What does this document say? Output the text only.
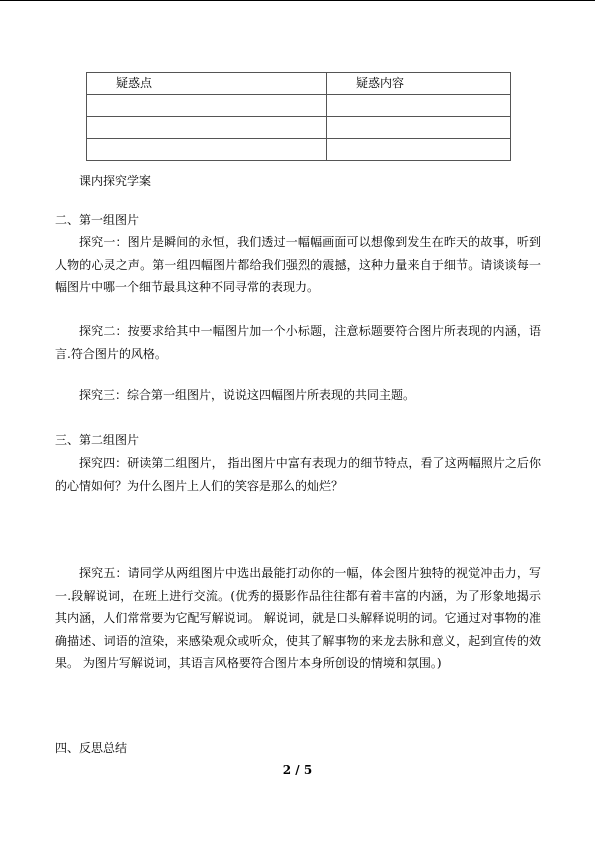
疑惑点	疑惑内容

课内探究学案
二、第一组图片
探究一：图片是瞬间的永恒，我们透过一幅幅画面可以想像到发生在昨天的故事，听到人物的心灵之声。第一组四幅图片都给我们强烈的震撼，这种力量来自于细节。请谈谈每一幅图片中哪一个细节最具这种不同寻常的表现力。
探究二：按要求给其中一幅图片加一个小标题，注意标题要符合图片所表现的内涵，语言.符合图片的风格。
探究三：综合第一组图片，说说这四幅图片所表现的共同主题。
三、第二组图片
探究四：研读第二组图片， 指出图片中富有表现力的细节特点，看了这两幅照片之后你的心情如何？为什么图片上人们的笑容是那么的灿烂？
探究五：请同学从两组图片中选出最能打动你的一幅，体会图片独特的视觉冲击力，写一.段解说词，在班上进行交流。(优秀的摄影作品往往都有着丰富的内涵，为了形象地揭示其内涵，人们常常要为它配写解说词。 解说词，就是口头解释说明的词。它通过对事物的准确描述、词语的渲染，来感染观众或听众，使其了解事物的来龙去脉和意义，起到宣传的效果。 为图片写解说词，其语言风格要符合图片本身所创设的情境和氛围。)
四、反思总结
2 / 5
